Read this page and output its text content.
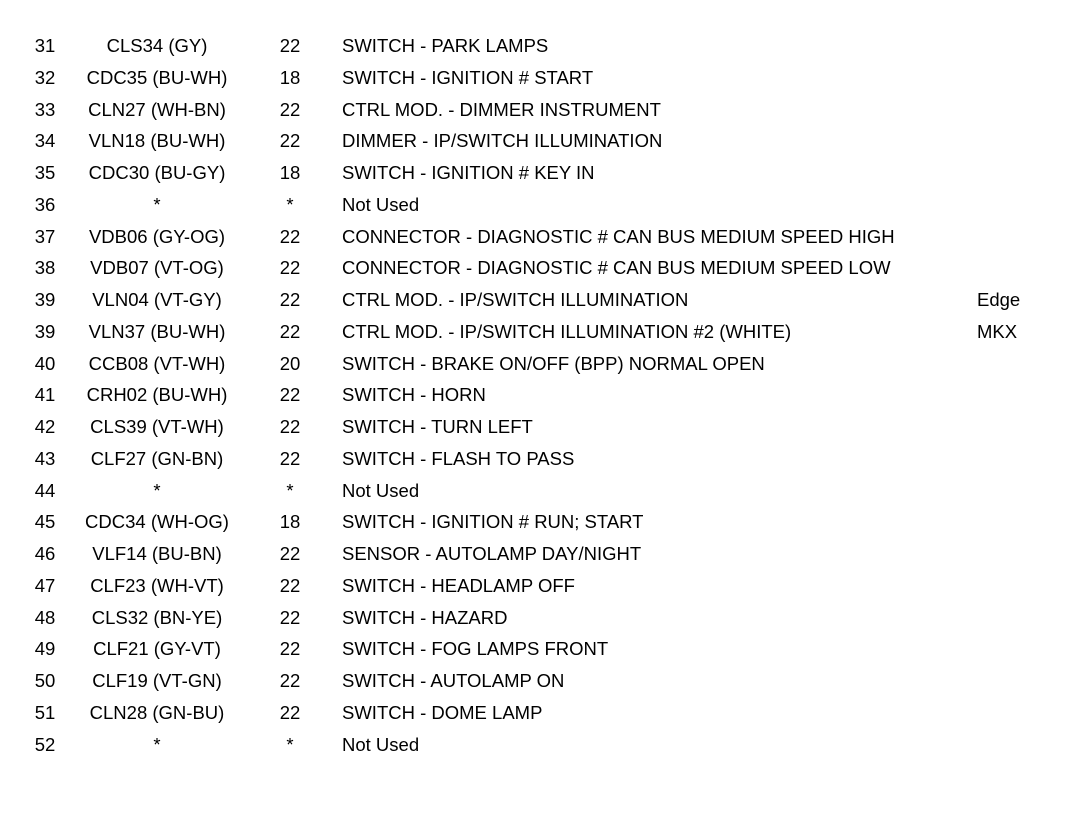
31	CLS34 (GY)	22	SWITCH - PARK LAMPS
32	CDC35 (BU-WH)	18	SWITCH - IGNITION # START
33	CLN27 (WH-BN)	22	CTRL MOD. - DIMMER INSTRUMENT
34	VLN18 (BU-WH)	22	DIMMER - IP/SWITCH ILLUMINATION
35	CDC30 (BU-GY)	18	SWITCH - IGNITION # KEY IN
36	*	*	Not Used
37	VDB06 (GY-OG)	22	CONNECTOR - DIAGNOSTIC # CAN BUS MEDIUM SPEED HIGH
38	VDB07 (VT-OG)	22	CONNECTOR - DIAGNOSTIC # CAN BUS MEDIUM SPEED LOW
39	VLN04 (VT-GY)	22	CTRL MOD. - IP/SWITCH ILLUMINATION	Edge
39	VLN37 (BU-WH)	22	CTRL MOD. - IP/SWITCH ILLUMINATION #2 (WHITE)	MKX
40	CCB08 (VT-WH)	20	SWITCH - BRAKE ON/OFF (BPP) NORMAL OPEN
41	CRH02 (BU-WH)	22	SWITCH - HORN
42	CLS39 (VT-WH)	22	SWITCH - TURN LEFT
43	CLF27 (GN-BN)	22	SWITCH - FLASH TO PASS
44	*	*	Not Used
45	CDC34 (WH-OG)	18	SWITCH - IGNITION # RUN; START
46	VLF14 (BU-BN)	22	SENSOR - AUTOLAMP DAY/NIGHT
47	CLF23 (WH-VT)	22	SWITCH - HEADLAMP OFF
48	CLS32 (BN-YE)	22	SWITCH - HAZARD
49	CLF21 (GY-VT)	22	SWITCH - FOG LAMPS FRONT
50	CLF19 (VT-GN)	22	SWITCH - AUTOLAMP ON
51	CLN28 (GN-BU)	22	SWITCH - DOME LAMP
52	*	*	Not Used
